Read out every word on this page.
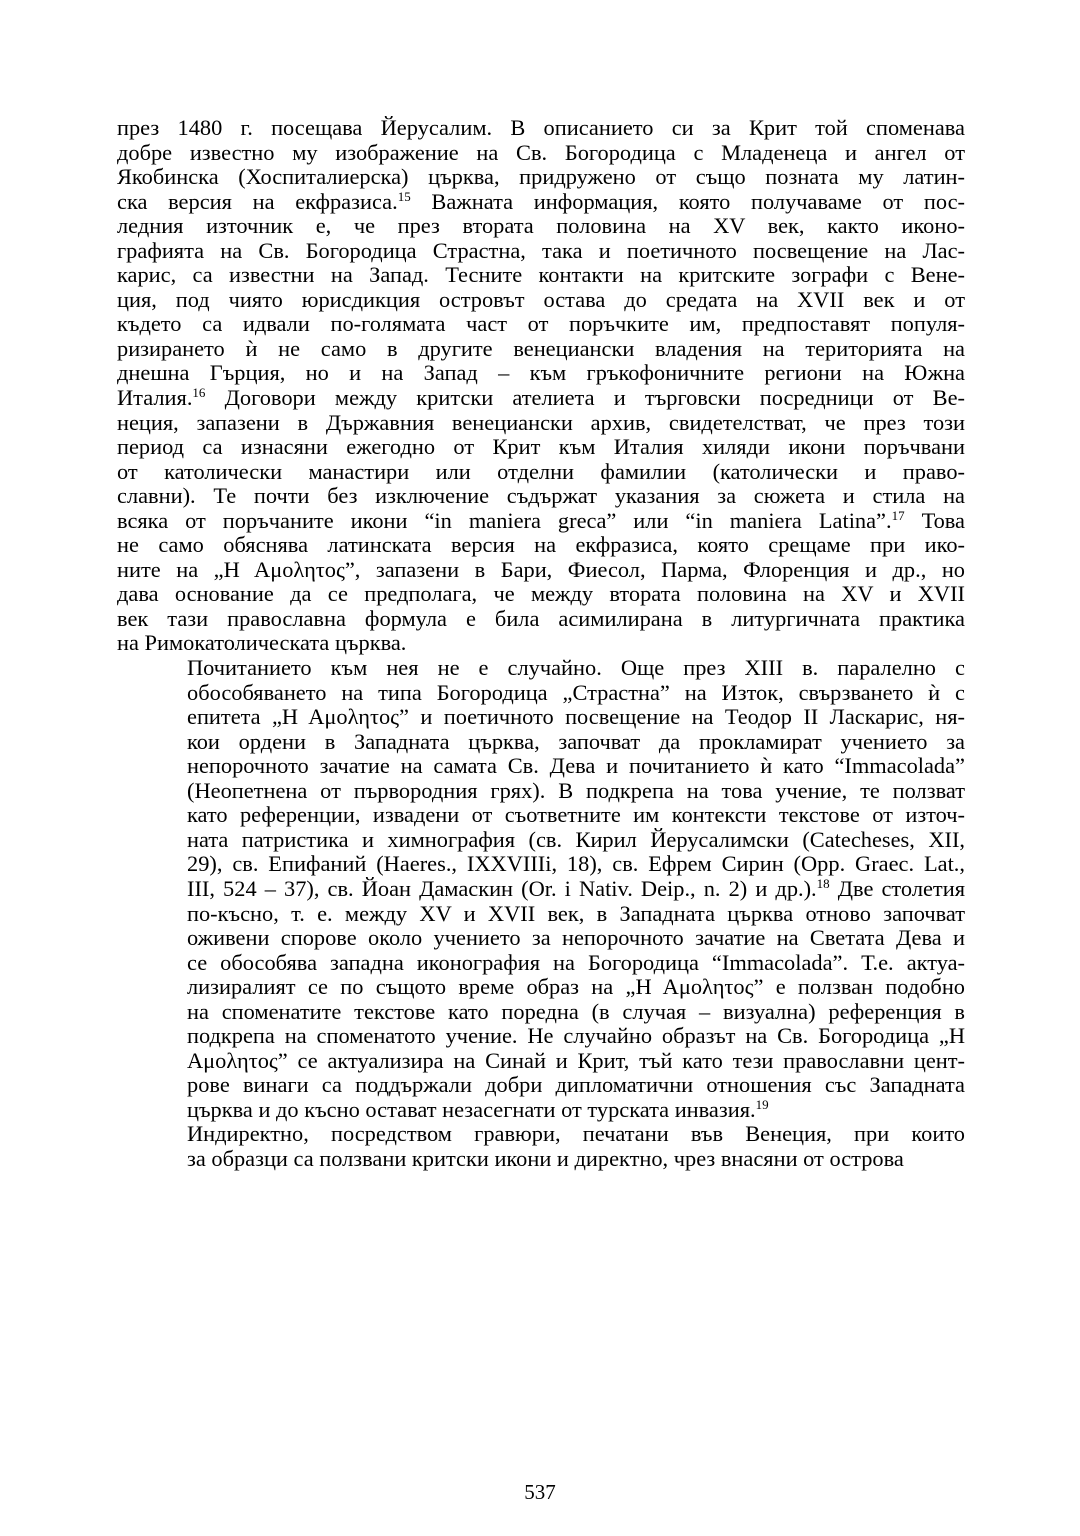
през 1480 г. посещава Йерусалим. В описанието си за Крит той споменава
добре известно му изображение на Св. Богородица с Младенеца и ангел от
Якобинска (Хоспиталиерска) църква, придружено от също позната му латин-
ска версия на екфразиса.$^{15}$ Важната информация, която получаваме от пос-
ледния източник е, че през втората половина на XV век, както иконо-
графията на Св. Богородица Страстна, така и поетичното посвещение на Лас-
карис, са известни на Запад. Тесните контакти на критските зографи с Вене-
ция, под чиято юрисдикция островът остава до средата на XVII век и от
където са идвали по-голямата част от поръчките им, предпоставят популя-
ризирането ѝ не само в другите венециански владения на територията на
днешна Гърция, но и на Запад – към гръкофоничните региони на Южна
Италия.$^{16}$ Договори между критски ателиета и търговски посредници от Ве-
неция, запазени в Държавния венециански архив, свидетелстват, че през този
период са изнасяни ежегодно от Крит към Италия хиляди икони поръчвани
от католически манастири или отделни фамилии (католически и право-
славни). Те почти без изключение съдържат указания за сюжета и стила на
всяка от поръчаните икони “in maniera greca” или “in maniera Latina”.$^{17}$ Това
не само обяснява латинската версия на екфразиса, която срещаме при ико-
ните на „Η Αμολητος”, запазени в Бари, Фиесол, Парма, Флоренция и др., но
дава основание да се предполага, че между втората половина на XV и XVII
век тази православна формула е била асимилирана в литургичната практика
на Римокатолическата църква.
Почитанието към нея не е случайно. Още през XIII в. паралелно с
обособяването на типа Богородица „Страстна” на Изток, свързването ѝ с
епитета „Η Αμολητος” и поетичното посвещение на Теодор II Ласкарис, ня-
кои ордени в Западната църква, започват да прокламират учението за
непорочното зачатие на самата Св. Дева и почитанието ѝ като “Immacolada”
(Неопетнена от първородния грях). В подкрепа на това учение, те ползват
като референции, извадени от съответните им контексти текстове от източ-
ната патристика и химнография (св. Кирил Йерусалимски (Catecheses, XII,
29), св. Епифаний (Haeres., IXXVIIIi, 18), св. Ефрем Сирин (Opp. Graec. Lat.,
III, 524 – 37), св. Йоан Дамаскин (Or. i Nativ. Deip., n. 2) и др.).$^{18}$ Две столетия
по-късно, т. е. между XV и XVII век, в Западната църква отново започват
оживени спорове около учението за непорочното зачатие на Светата Дева и
се обособява западна иконография на Богородица “Immacolada”. Т.е. актуа-
лизиралият се по същото време образ на „Η Αμολητος” е ползван подобно
на споменатите текстове като поредна (в случая – визуална) референция в
подкрепа на споменатото учение. Не случайно образът на Св. Богородица „Η
Αμολητος” се актуализира на Синай и Крит, тъй като тези православни цент-
рове винаги са поддържали добри дипломатични отношения със Западната
църква и до късно остават незасегнати от турската инвазия.$^{19}$
Индиректно, посредством гравюри, печатани във Венеция, при които
за образци са ползвани критски икони и директно, чрез внасяни от острова
537
